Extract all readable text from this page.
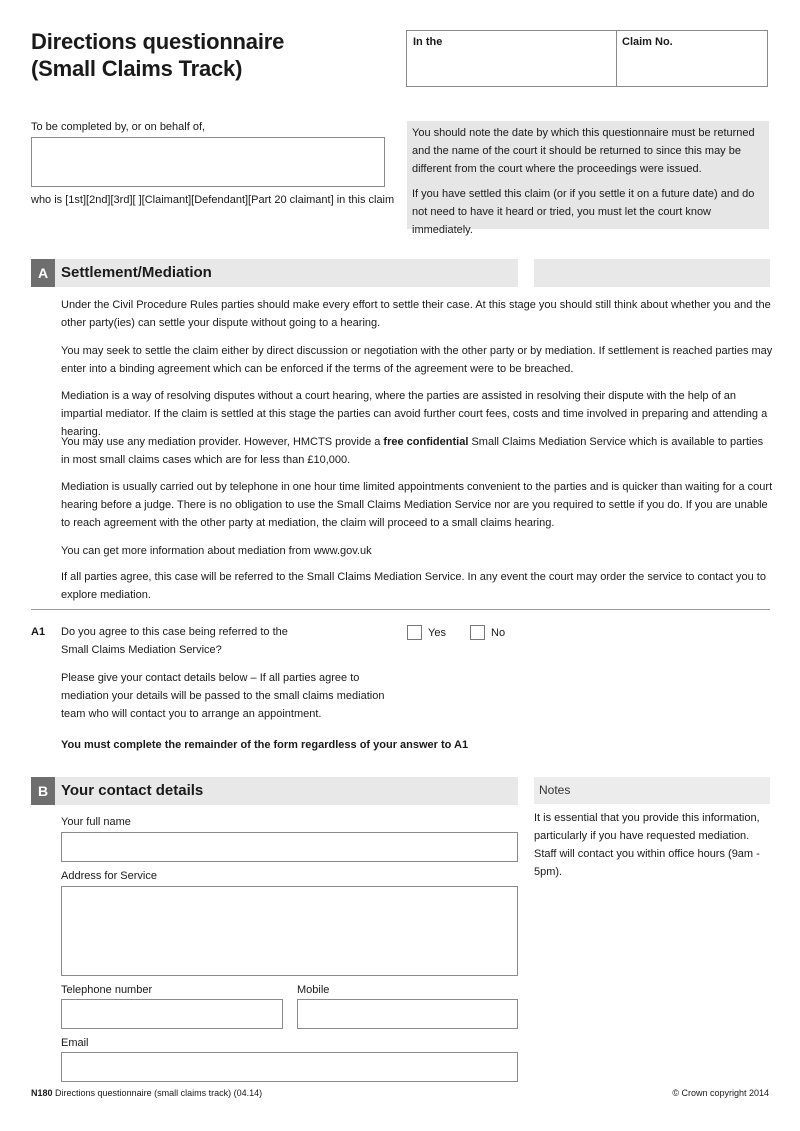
Directions questionnaire
(Small Claims Track)
In the	Claim No.
To be completed by, or on behalf of,
who is [1st][2nd][3rd][ ][Claimant][Defendant][Part 20 claimant] in this claim

You should note the date by which this questionnaire must be returned and the name of the court it should be returned to since this may be different from the court where the proceedings were issued.

If you have settled this claim (or if you settle it on a future date) and do not need to have it heard or tried, you must let the court know immediately.

A Settlement/Mediation
Under the Civil Procedure Rules parties should make every effort to settle their case. At this stage you should still think about whether you and the other party(ies) can settle your dispute without going to a hearing.
You may seek to settle the claim either by direct discussion or negotiation with the other party or by mediation. If settlement is reached parties may enter into a binding agreement which can be enforced if the terms of the agreement were to be breached.
Mediation is a way of resolving disputes without a court hearing, where the parties are assisted in resolving their dispute with the help of an impartial mediator. If the claim is settled at this stage the parties can avoid further court fees, costs and time involved in preparing and attending a hearing.
You may use any mediation provider. However, HMCTS provide a free confidential Small Claims Mediation Service which is available to parties in most small claims cases which are for less than £10,000.
Mediation is usually carried out by telephone in one hour time limited appointments convenient to the parties and is quicker than waiting for a court hearing before a judge. There is no obligation to use the Small Claims Mediation Service nor are you required to settle if you do. If you are unable to reach agreement with the other party at mediation, the claim will proceed to a small claims hearing.
You can get more information about mediation from www.gov.uk
If all parties agree, this case will be referred to the Small Claims Mediation Service. In any event the court may order the service to contact you to explore mediation.
A1 Do you agree to this case being referred to the Small Claims Mediation Service?
Yes	No
Please give your contact details below – If all parties agree to mediation your details will be passed to the small claims mediation team who will contact you to arrange an appointment.
You must complete the remainder of the form regardless of your answer to A1
B Your contact details	Notes
It is essential that you provide this information, particularly if you have requested mediation. Staff will contact you within office hours (9am - 5pm).
Your full name
Address for Service
Telephone number	Mobile
Email
N180 Directions questionnaire (small claims track) (04.14)	© Crown copyright 2014
